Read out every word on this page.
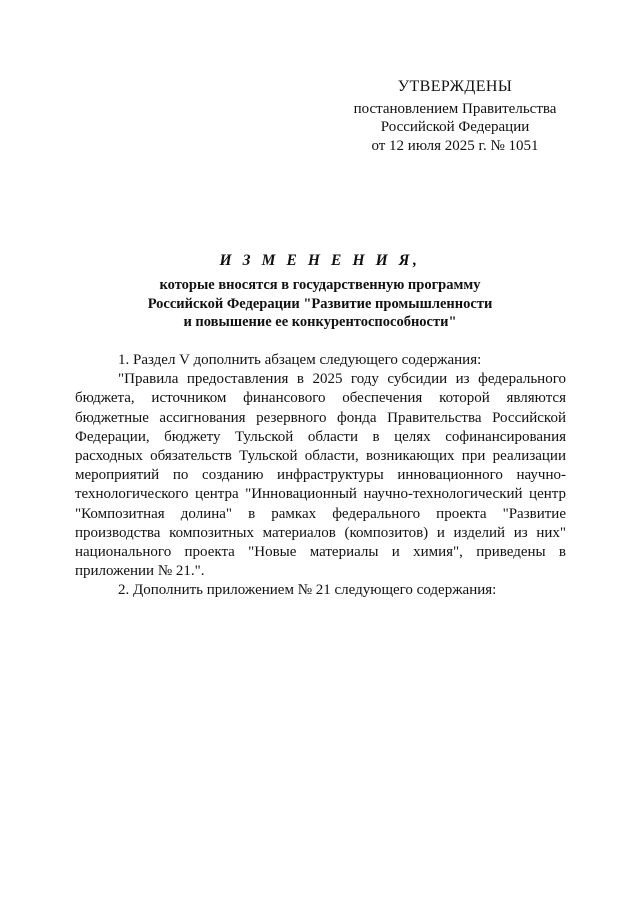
УТВЕРЖДЕНЫ
постановлением Правительства
Российской Федерации
от 12 июля 2025 г. № 1051
И З М Е Н Е Н И Я,
которые вносятся в государственную программу
Российской Федерации "Развитие промышленности
и повышение ее конкурентоспособности"

1. Раздел V дополнить абзацем следующего содержания:

"Правила предоставления в 2025 году субсидии из федерального бюджета, источником финансового обеспечения которой являются бюджетные ассигнования резервного фонда Правительства Российской Федерации, бюджету Тульской области в целях софинансирования расходных обязательств Тульской области, возникающих при реализации мероприятий по созданию инфраструктуры инновационного научно-технологического центра "Инновационный научно-технологический центр "Композитная долина" в рамках федерального проекта "Развитие производства композитных материалов (композитов) и изделий из них" национального проекта "Новые материалы и химия", приведены в приложении № 21.".

2. Дополнить приложением № 21 следующего содержания:
